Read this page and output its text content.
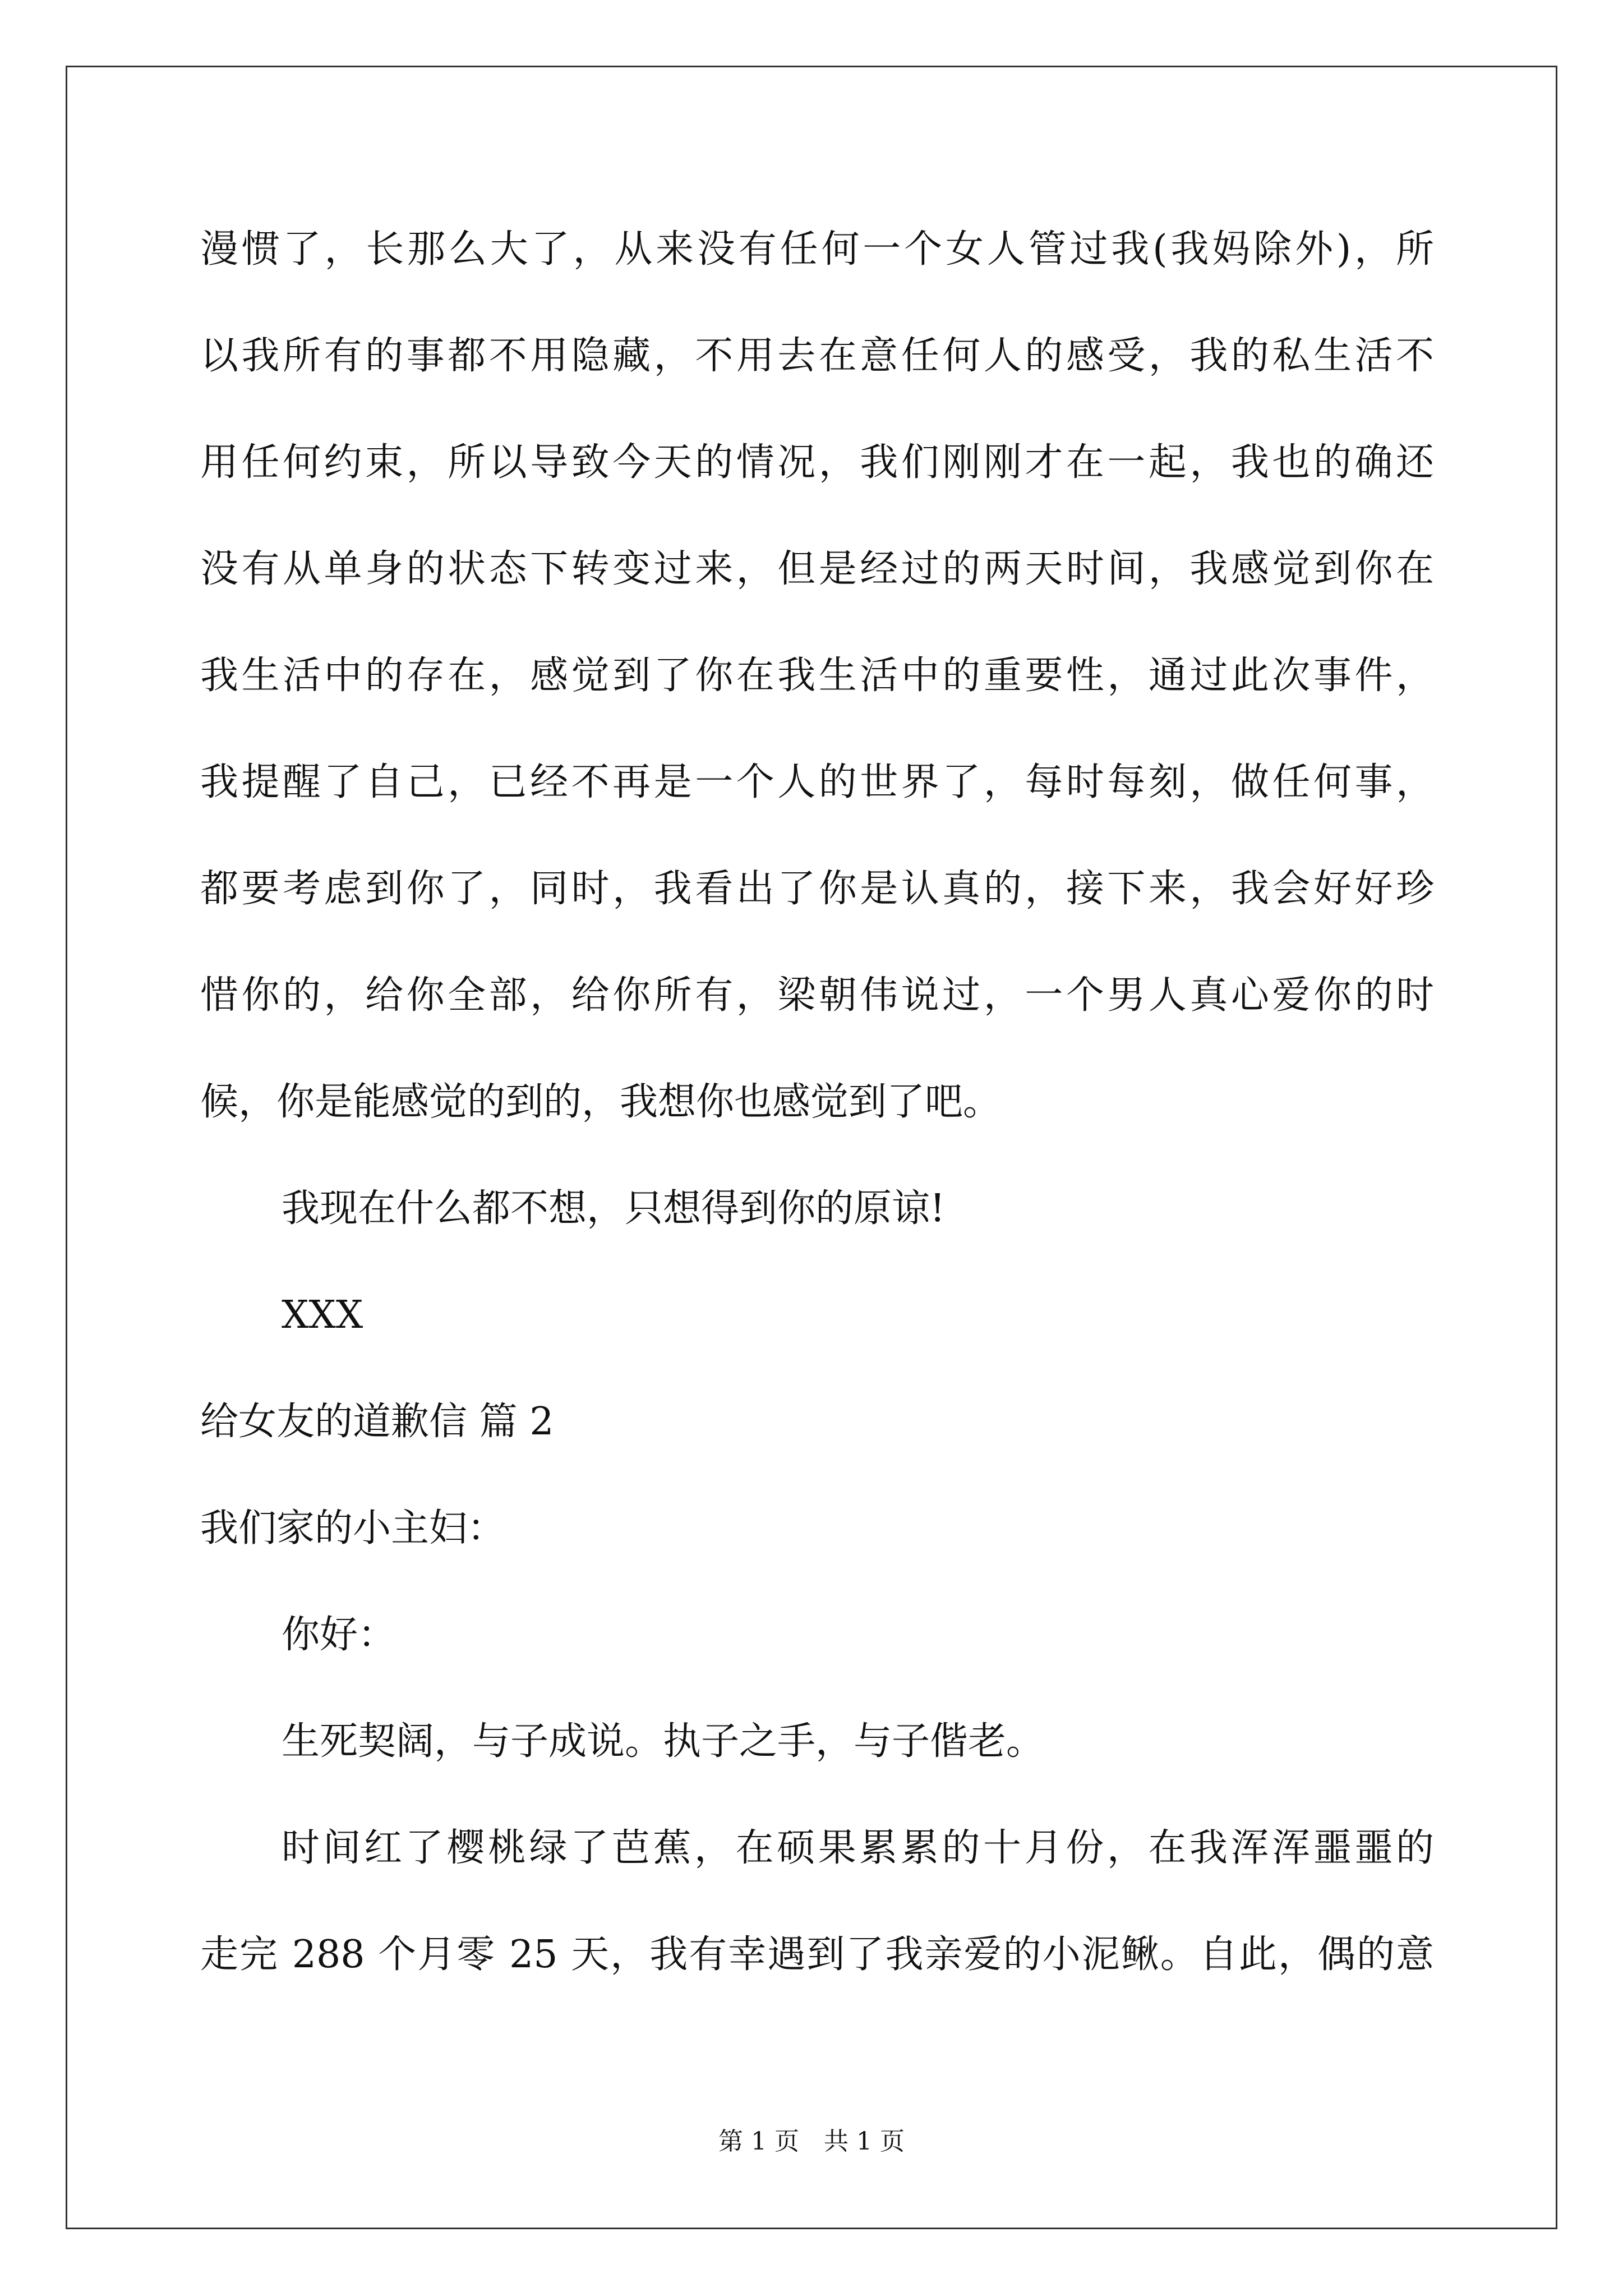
漫惯了，长那么大了，从来没有任何一个女人管过我(我妈除外)，所
以我所有的事都不用隐藏，不用去在意任何人的感受，我的私生活不
用任何约束，所以导致今天的情况，我们刚刚才在一起，我也的确还
没有从单身的状态下转变过来，但是经过的两天时间，我感觉到你在
我生活中的存在，感觉到了你在我生活中的重要性，通过此次事件，
我提醒了自己，已经不再是一个人的世界了，每时每刻，做任何事，
都要考虑到你了，同时，我看出了你是认真的，接下来，我会好好珍
惜你的，给你全部，给你所有，梁朝伟说过，一个男人真心爱你的时
候，你是能感觉的到的，我想你也感觉到了吧。
我现在什么都不想，只想得到你的原谅!
XXX
给女友的道歉信 篇 2
我们家的小主妇：
你好：
生死契阔，与子成说。执子之手，与子偕老。
时间红了樱桃绿了芭蕉，在硕果累累的十月份，在我浑浑噩噩的
走完 288 个月零 25 天，我有幸遇到了我亲爱的小泥鳅。自此，偶的意
第 1 页　共 1 页
